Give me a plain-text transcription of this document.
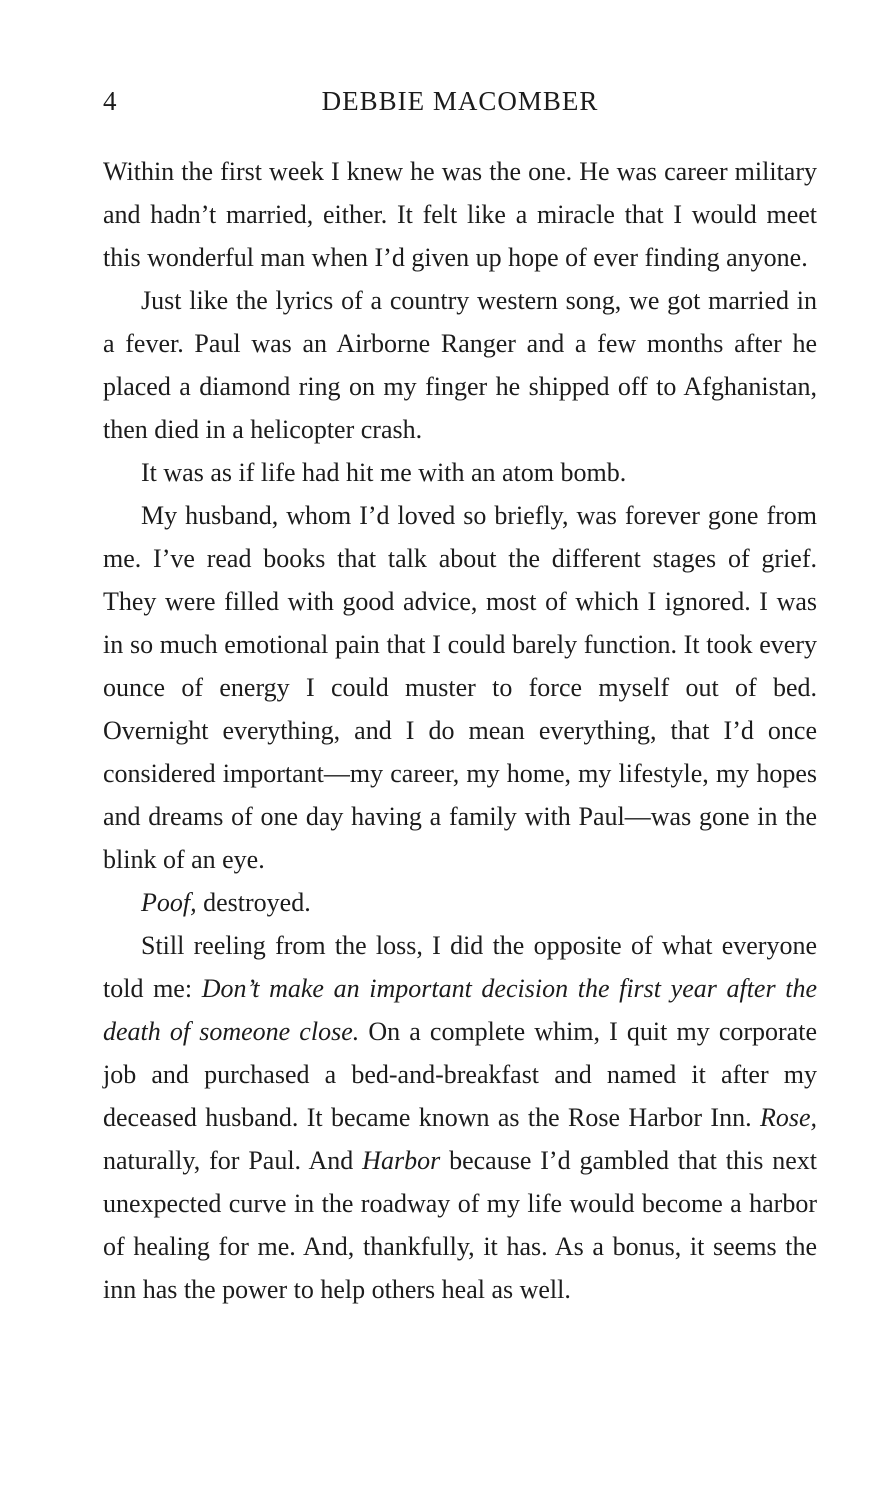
4	DEBBIE MACOMBER

Within the first week I knew he was the one. He was career military and hadn’t married, either. It felt like a miracle that I would meet this wonderful man when I’d given up hope of ever finding anyone.

Just like the lyrics of a country western song, we got married in a fever. Paul was an Airborne Ranger and a few months after he placed a diamond ring on my finger he shipped off to Afghanistan, then died in a helicopter crash.

It was as if life had hit me with an atom bomb.

My husband, whom I’d loved so briefly, was forever gone from me. I’ve read books that talk about the different stages of grief. They were filled with good advice, most of which I ignored. I was in so much emotional pain that I could barely function. It took every ounce of energy I could muster to force myself out of bed. Overnight everything, and I do mean everything, that I’d once considered important—my career, my home, my lifestyle, my hopes and dreams of one day having a family with Paul—was gone in the blink of an eye.

Poof, destroyed.

Still reeling from the loss, I did the opposite of what everyone told me: Don’t make an important decision the first year after the death of someone close. On a complete whim, I quit my corporate job and purchased a bed-and-breakfast and named it after my deceased husband. It became known as the Rose Harbor Inn. Rose, naturally, for Paul. And Harbor because I’d gambled that this next unexpected curve in the roadway of my life would become a harbor of healing for me. And, thankfully, it has. As a bonus, it seems the inn has the power to help others heal as well.
